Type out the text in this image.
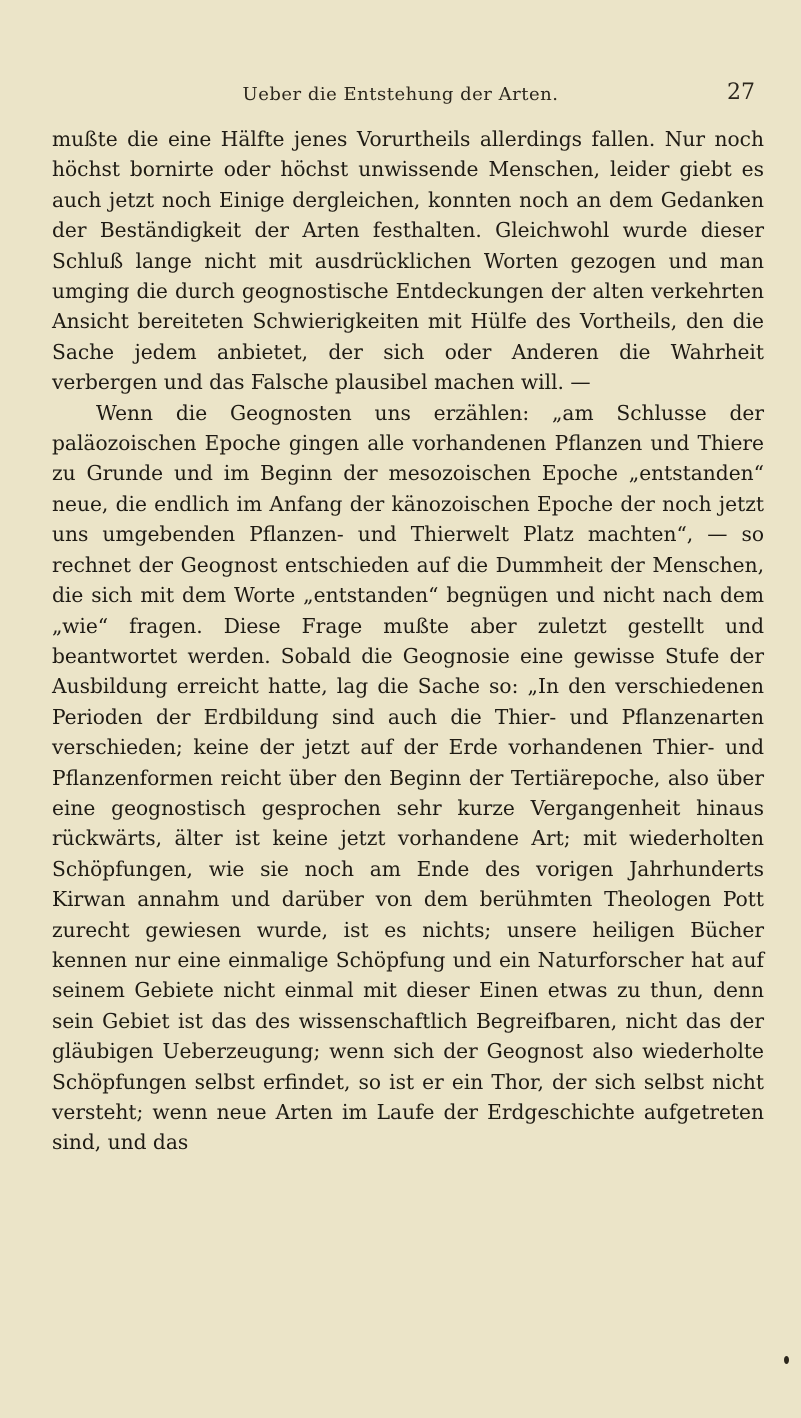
Ueber die Entstehung der Arten.	27

mußte die eine Hälfte jenes Vorurtheils allerdings fallen. Nur noch höchst bornirte oder höchst unwissende Menschen, leider giebt es auch jetzt noch Einige dergleichen, konnten noch an dem Gedanken der Beständigkeit der Arten festhalten. Gleichwohl wurde dieser Schluß lange nicht mit ausdrücklichen Worten gezogen und man umging die durch geognostische Entdeckungen der alten verkehrten Ansicht bereiteten Schwierigkeiten mit Hülfe des Vortheils, den die Sache jedem anbietet, der sich oder Anderen die Wahrheit verbergen und das Falsche plausibel machen will. —

Wenn die Geognosten uns erzählen: „am Schlusse der paläozoischen Epoche gingen alle vorhandenen Pflanzen und Thiere zu Grunde und im Beginn der mesozoischen Epoche „entstanden“ neue, die endlich im Anfang der känozoischen Epoche der noch jetzt uns umgebenden Pflanzen- und Thierwelt Platz machten“, — so rechnet der Geognost entschieden auf die Dummheit der Menschen, die sich mit dem Worte „entstanden“ begnügen und nicht nach dem „wie“ fragen. Diese Frage mußte aber zuletzt gestellt und beantwortet werden. Sobald die Geognosie eine gewisse Stufe der Ausbildung erreicht hatte, lag die Sache so: „In den verschiedenen Perioden der Erdbildung sind auch die Thier- und Pflanzenarten verschieden; keine der jetzt auf der Erde vorhandenen Thier- und Pflanzenformen reicht über den Beginn der Tertiärepoche, also über eine geognostisch gesprochen sehr kurze Vergangenheit hinaus rückwärts, älter ist keine jetzt vorhandene Art; mit wiederholten Schöpfungen, wie sie noch am Ende des vorigen Jahrhunderts Kirwan annahm und darüber von dem berühmten Theologen Pott zurecht gewiesen wurde, ist es nichts; unsere heiligen Bücher kennen nur eine einmalige Schöpfung und ein Naturforscher hat auf seinem Gebiete nicht einmal mit dieser Einen etwas zu thun, denn sein Gebiet ist das des wissenschaftlich Begreifbaren, nicht das der gläubigen Ueberzeugung; wenn sich der Geognost also wiederholte Schöpfungen selbst erfindet, so ist er ein Thor, der sich selbst nicht versteht; wenn neue Arten im Laufe der Erdgeschichte aufgetreten sind, und das
